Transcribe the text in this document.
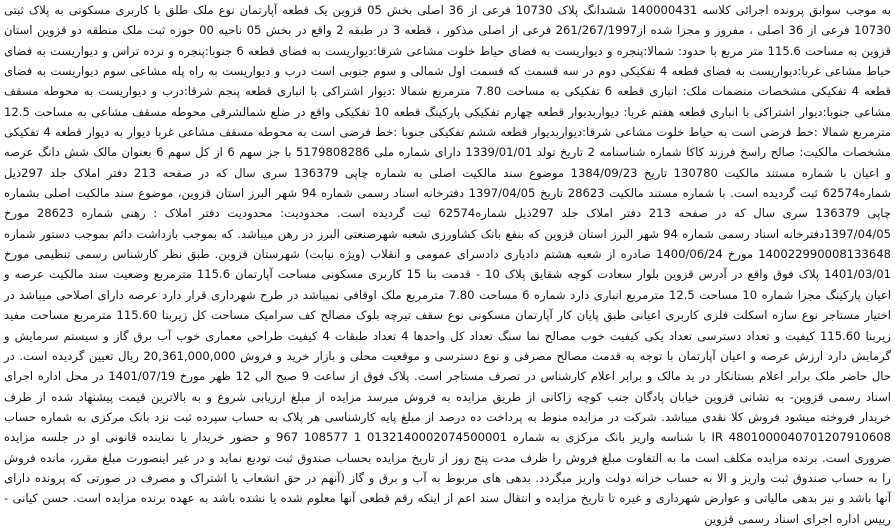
به موجب سوابق پرونده اجرائی کلاسه 140000431 ششدانگ پلاک 10730 فرعی از 36 اصلی بخش 05 قزوین یک قطعه آپارتمان نوع ملک طلق با کاربری مسکونی به پلاک ثبتی 10730 فرعی از 36 اصلی ، مفروز و مجزا شده از261/267/1997 فرعی از اصلی مذکور ، قطعه 3 در طبقه 2 واقع در بخش 05 ناحیه 00 حوزه ثبت ملک منطقه دو قزوین استان قزوین به مساحت 115.6 متر مربع با حدود: شمالا:پنجره و دیواریست به فضای حیاط خلوت مشاعی شرقا:دیواریست به فضای قطعه 6 جنوبا:پنجره و نرده تراس و دیواریست به فضای حیاط مشاعی غربا:دیواریست به فضای قطعه 4 تفکیکی دوم در سه قسمت که قسمت اول شمالی و سوم جنوبی است درب و دیواریست به راه پله مشاعی سوم دیواریست به فضای قطعه 4 تفکیکی مشخصات منضمات ملک: انباری قطعه 6 تفکیکی به مساحت 7.80 مترمربع شمالا :دیوار اشتراکی با انباری قطعه پنجم شرقا:درب و دیواریست به محوطه مسقف مشاعی جنوبا:دیوار اشتراکی با انباری قطعه هفتم غربا: دیواربدیوار قطعه چهارم تفکیکی پارکینگ قطعه 10 تفکیکی واقع در ضلع شمالشرقی محوطه مسقف مشاعی به مساحت 12.5 مترمربع شمالا :خط فرضی است به حیاط خلوت مشاعی شرقا:دیواربدیوار قطعه ششم تفکیکی جنوبا :خط فرضی است به محوطه مسقف مشاعی غربا دیوار به دیوار قطعه 4 تفکیکی مشخصات مالکیت: صالح راسخ فرزند کاکا شماره شناسنامه 2 تاریخ تولد 1339/01/01 دارای شماره ملی 5179808286 با جز سهم 6 از کل سهم 6 بعنوان مالک شش دانگ عرصه و اعیان با شماره مستند مالکیت 130780 تاریخ 1384/09/23 موضوع سند مالکیت اصلی به شماره چاپی 136379 سری سال که در صفحه 213 دفتر املاک جلد 297ذیل شماره62574 ثبت گردیده است. با شماره مستند مالکیت 28623 تاریخ 1397/04/05 دفترخانه اسناد رسمی شماره 94 شهر البرز استان قزوین، موضوع سند مالکیت اصلی بشماره چاپی 136379 سری سال که در صفحه 213 دفتر املاک جلد 297ذیل شماره62574 ثبت گردیده است. محدودیت: محدودیت دفتر املاک : رهنی شماره 28623 مورخ 1397/04/05دفترخانه اسناد رسمی شماره 94 شهر البرز استان قزوین که بنفع بانک کشاورزی شعبه شهرصنعتی البرز در رهن میباشد. که بموجب بازداشت دائم بموجب دستور شماره 140022990008133648 مورخ 1400/06/24 صادره از شعبه هشتم دادیاری دادسرای عمومی و انقلاب (ویژه نیابت) شهرستان قزوین. طبق نظر کارشناس رسمی تنظیمی مورخ 1401/03/01 پلاک فوق واقع در آدرس قزوین بلوار سعادت کوچه شقایق پلاک 10 - قدمت بنا 15 کاربری مسکونی مساحت آپارتمان 115.6 مترمربع وضعیت سند مالکیت عرصه و اعیان پارکینگ مجزا شماره 10 مساحت 12.5 مترمربع انباری دارد شماره 6 مساحت 7.80 مترمربع ملک اوقافی نمیباشد در طرح شهرداری قرار دارد عرصه دارای اصلاحی میباشد در اختیار مستاجر نوع سازه اسکلت فلزی کاربری اعیانی طبق پایان کار آپارتمان مسکونی نوع سقف تیرچه بلوک مصالح کف سرامیک مساحت کل زیربنا 115.60 مترمربع مساحت مفید زیربنا 115.60 کیفیت و تعداد دسترسی تعداد یکی کیفیت خوب مصالح نما سنگ تعداد کل واحدها 4 تعداد طبقات 4 کیفیت طراحی معماری خوب آب برق گاز و سیستم سرمایش و گرمایش دارد ارزش عرصه و اعیان آپارتمان با توجه به قدمت مصالح مصرفی و نوع دسترسی و موقعیت محلی و بازار خرید و فروش 20,361,000,000 ریال تعیین گردیده است. در حال حاضر ملک برابر اعلام بستانکار در ید مالک و برابر اعلام کارشناس در تصرف مستاجر است. پلاک فوق از ساعت 9 صبح الی 12 ظهر مورخ 1401/07/19 در محل اداره اجرای اسناد رسمی قزوین- به نشانی قزوین خیابان پادگان جنب کوچه زاکانی از طریق مزایده به فروش میرسد مزایده از مبلغ ارزیابی شروع و به بالاترین قیمت پیشنهاد شده از طرف خریدار فروخته میشود فروش کلا نقدی میباشد. شرکت در مزایده منوط به پرداخت ده درصد از مبلغ پایه کارشناسی هر پلاک به حساب سپرده ثبت نزد بانک مرکزی به شماره حساب 4801000040701207910608 IR با شناسه واریز بانک مرکزی به شماره 0132140002074500001 1 108577 967 و حضور خریدار یا نماینده قانونی او در جلسه مزایده ضروری است. برنده مزایده مکلف است ما به التفاوت مبلغ فروش را ظرف مدت پنج روز از تاریخ مزایده بحساب صندوق ثبت تودیع نماید و در غیر اینصورت مبلغ مقرر، مانده فروش را به حساب صندوق ثبت واریز و الا به حساب خزانه دولت واریز میگردد. بدهی های مربوط به آب و برق و گاز (آنهم در حق انشعاب یا اشتراک و مصرف در صورتی که پرونده دارای آنها باشد و نیز بدهی مالیاتی و عوارض شهرداری و غیره تا تاریخ مزایده و انتقال سند اعم از اینکه رقم قطعی آنها معلوم شده یا نشده باشد به عهده برنده مزایده است. حسن کیانی - رییس اداره اجرای اسناد رسمی قزوین
